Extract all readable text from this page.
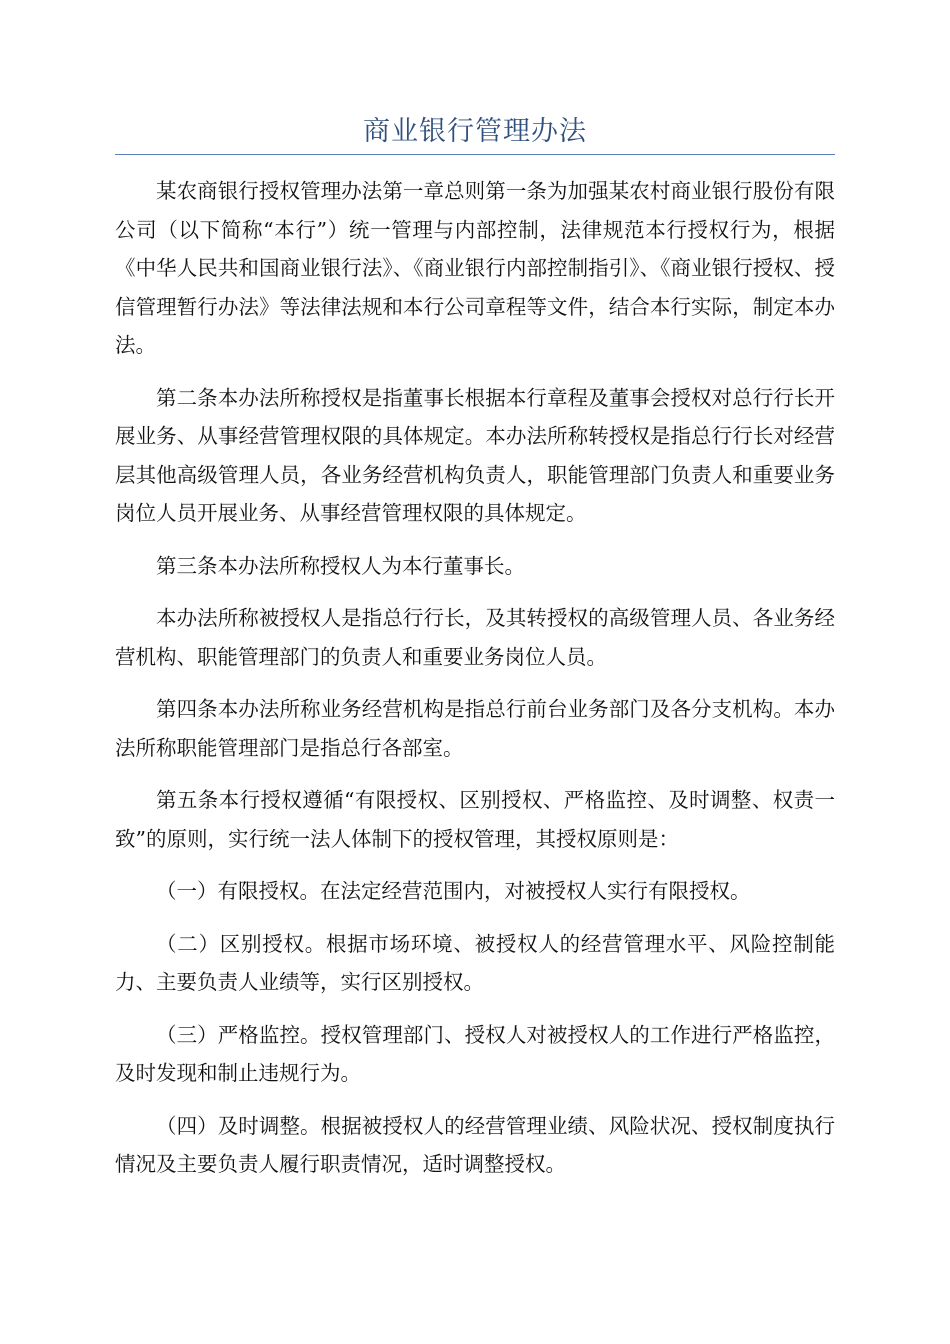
商业银行管理办法

某农商银行授权管理办法第一章总则第一条为加强某农村商业银行股份有限公司（以下简称“本行”）统一管理与内部控制，法律规范本行授权行为，根据《中华人民共和国商业银行法》、《商业银行内部控制指引》、《商业银行授权、授信管理暂行办法》等法律法规和本行公司章程等文件，结合本行实际，制定本办法。

第二条本办法所称授权是指董事长根据本行章程及董事会授权对总行行长开展业务、从事经营管理权限的具体规定。本办法所称转授权是指总行行长对经营层其他高级管理人员，各业务经营机构负责人，职能管理部门负责人和重要业务岗位人员开展业务、从事经营管理权限的具体规定。

第三条本办法所称授权人为本行董事长。

本办法所称被授权人是指总行行长，及其转授权的高级管理人员、各业务经营机构、职能管理部门的负责人和重要业务岗位人员。

第四条本办法所称业务经营机构是指总行前台业务部门及各分支机构。本办法所称职能管理部门是指总行各部室。

第五条本行授权遵循“有限授权、区别授权、严格监控、及时调整、权责一致”的原则，实行统一法人体制下的授权管理，其授权原则是：

（一）有限授权。在法定经营范围内，对被授权人实行有限授权。

（二）区别授权。根据市场环境、被授权人的经营管理水平、风险控制能力、主要负责人业绩等，实行区别授权。

（三）严格监控。授权管理部门、授权人对被授权人的工作进行严格监控，及时发现和制止违规行为。

（四）及时调整。根据被授权人的经营管理业绩、风险状况、授权制度执行情况及主要负责人履行职责情况，适时调整授权。
